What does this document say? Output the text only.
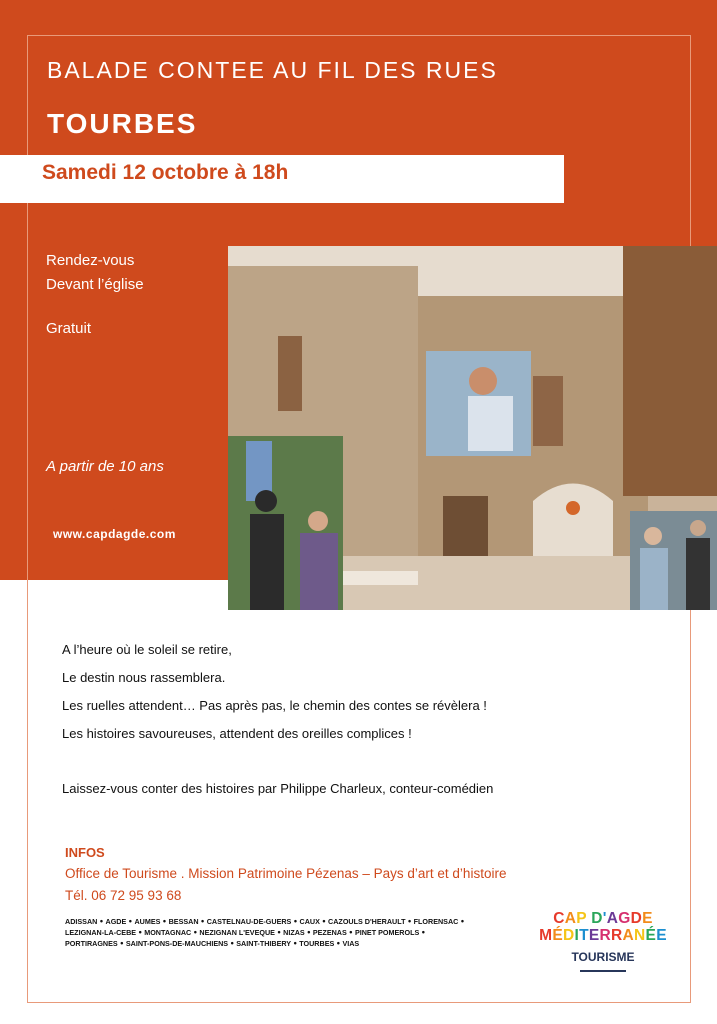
BALADE CONTEE AU FIL DES RUES
TOURBES
Samedi 12 octobre à 18h
Rendez-vous
Devant l’église
Gratuit
A partir de 10 ans
www.capdagde.com
A l’heure où le soleil se retire,
Le destin nous rassemblera.
Les ruelles attendent… Pas après pas, le chemin des contes se révèlera !
Les histoires savoureuses, attendent des oreilles complices !
Laissez-vous conter des histoires par Philippe Charleux, conteur-comédien
INFOS
Office de Tourisme . Mission Patrimoine Pézenas – Pays d’art et d’histoire
Tél. 06 72 95 93 68
ADISSAN • AGDE • AUMES • BESSAN • CASTELNAU-DE-GUERS • CAUX • CAZOULS D'HERAULT • FLORENSAC • LEZIGNAN-LA-CEBE • MONTAGNAC • NEZIGNAN L'EVEQUE • NIZAS • PEZENAS • PINET POMEROLS • PORTIRAGNES • SAINT-PONS-DE-MAUCHIENS • SAINT-THIBERY • TOURBES • VIAS
CAP D'AGDE
MÉDITERRANÉE
TOURISME
